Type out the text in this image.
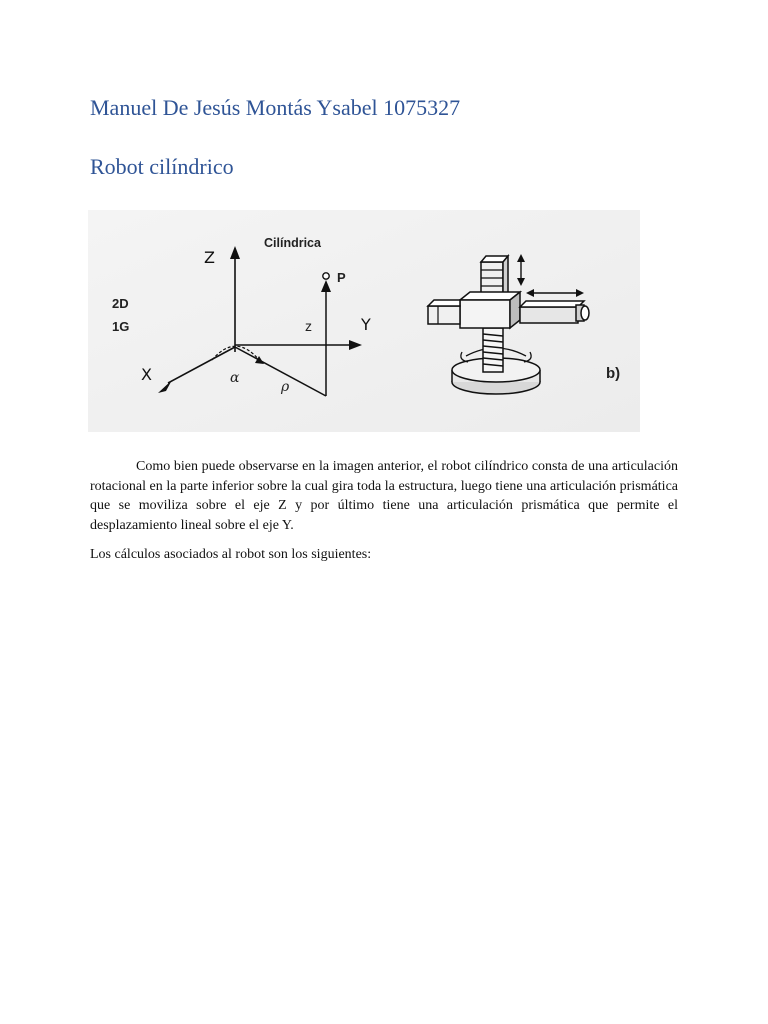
Manuel De Jesús Montás Ysabel 1075327
Robot cilíndrico
Cilíndrica
2D
1G
Z
X
Y
P
z
α
ρ
b)

Como bien puede observarse en la imagen anterior, el robot cilíndrico consta de una articulación rotacional en la parte inferior sobre la cual gira toda la estructura, luego tiene una articulación prismática que se moviliza sobre el eje Z y por último tiene una articulación prismática que permite el desplazamiento lineal sobre el eje Y.

Los cálculos asociados al robot son los siguientes:
